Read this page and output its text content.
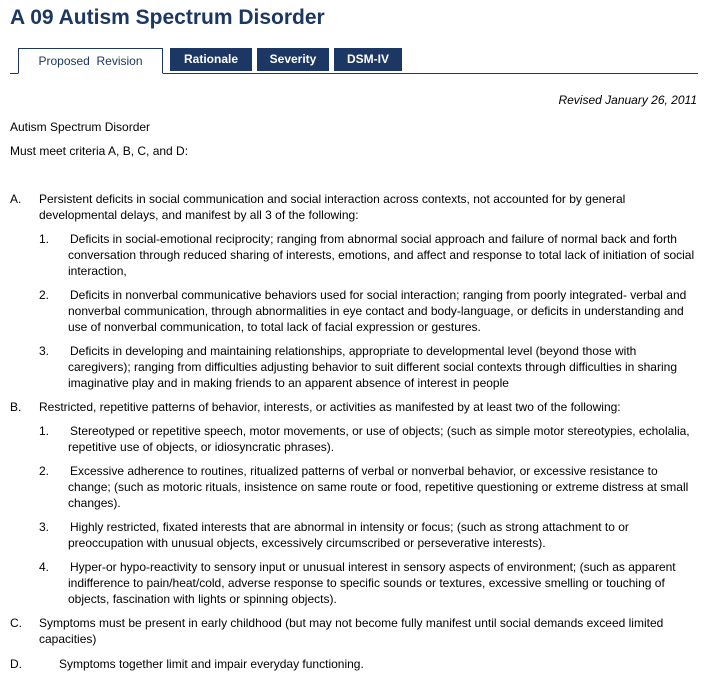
A 09 Autism Spectrum Disorder
Proposed  Revision	Rationale	Severity	DSM-IV
Revised January 26, 2011
Autism Spectrum Disorder
Must meet criteria A, B, C, and D:
A. Persistent deficits in social communication and social interaction across contexts, not accounted for by general developmental delays, and manifest by all 3 of the following:
1. Deficits in social-emotional reciprocity; ranging from abnormal social approach and failure of normal back and forth conversation through reduced sharing of interests, emotions, and affect and response to total lack of initiation of social interaction,
2. Deficits in nonverbal communicative behaviors used for social interaction; ranging from poorly integrated- verbal and nonverbal communication, through abnormalities in eye contact and body-language, or deficits in understanding and use of nonverbal communication, to total lack of facial expression or gestures.
3. Deficits in developing and maintaining relationships, appropriate to developmental level (beyond those with caregivers); ranging from difficulties adjusting behavior to suit different social contexts through difficulties in sharing imaginative play and in making friends to an apparent absence of interest in people
B. Restricted, repetitive patterns of behavior, interests, or activities as manifested by at least two of the following:
1. Stereotyped or repetitive speech, motor movements, or use of objects; (such as simple motor stereotypies, echolalia, repetitive use of objects, or idiosyncratic phrases).
2. Excessive adherence to routines, ritualized patterns of verbal or nonverbal behavior, or excessive resistance to change; (such as motoric rituals, insistence on same route or food, repetitive questioning or extreme distress at small changes).
3. Highly restricted, fixated interests that are abnormal in intensity or focus; (such as strong attachment to or preoccupation with unusual objects, excessively circumscribed or perseverative interests).
4. Hyper-or hypo-reactivity to sensory input or unusual interest in sensory aspects of environment; (such as apparent indifference to pain/heat/cold, adverse response to specific sounds or textures, excessive smelling or touching of objects, fascination with lights or spinning objects).
C. Symptoms must be present in early childhood (but may not become fully manifest until social demands exceed limited capacities)
D.	Symptoms together limit and impair everyday functioning.
